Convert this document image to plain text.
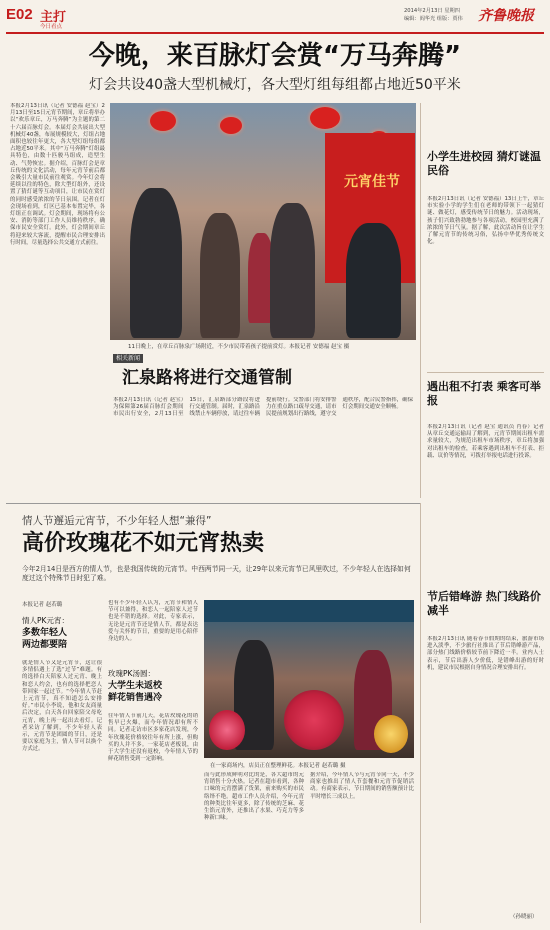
E02 主打
今日看点
2014年2月13日 星期四
编辑：阎华光 组版：贾伟 齐鲁晚报
今晚，来百脉灯会赏“万马奔腾”
灯会共设40盏大型机械灯，各大型灯组每组都占地近50平米
本报2月13日讯（记者 安德福 赵宝）2月13日至15日元宵节期间，章丘将举办以“欢乐章丘，万马奔腾”为主题的第二十六届百脉灯会。本届灯会共展出大型机械灯40盏，布展规模较大，灯组占地面积也较往年更大，各大型灯组每组都占地近50平米。其中“万马奔腾”灯组最具特色，由数十匹骏马组成，造型生动、气势恢宏。据介绍，百脉灯会是章丘传统的文化活动，每年元宵节前后都会吸引大量市民前往观赏。今年灯会将延续以往的特色，除大型灯组外，还设置了猜灯谜等互动项目，让市民在赏灯的同时感受浓浓的节日氛围。记者在灯会现场看到，灯区已基本布置完毕，各灯组正在调试。灯会期间，现场将有公安、消防等部门工作人员维持秩序，确保市民安全赏灯。此外，灯会期间章丘将迎来较大客流，提醒市民合理安排出行时间，尽量选择公共交通方式前往。
元宵佳节
11日晚上，在章丘百脉泉广场附近，不少市民带着孩子提前赏灯。本报记者 安德福 赵宝 摄
相关新闻
汇泉路将进行交通管制
本报2月13日讯（记者 赵宝）为保障第26届百脉灯会期间市民出行安全，2月13日至15日，汇泉路部分路段将进行交通管制。届时，汇泉路沿线禁止车辆停放，请过往车辆提前绕行。交警部门将安排警力在重点路口疏导交通，请市民提前规划出行路线，遵守交通秩序，配合民警指挥，确保灯会期间交通安全顺畅。
小学生进校园 猜灯谜温民俗
本报2月13日讯（记者 安德福）13日上午，章丘市实验小学的学生们在老师的带领下一起猜灯谜、做花灯，感受传统节日的魅力。活动现场，孩子们兴致勃勃地参与各项活动，校园里充满了浓浓的节日气氛。据了解，此次活动旨在让学生了解元宵节的传统习俗，弘扬中华优秀传统文化。
遇出租不打表 乘客可举报
本报2月13日讯（记者 赵宝 通讯员 肖春）记者从章丘交通运输局了解到，元宵节期间出租车需求量较大，为规范出租车市场秩序，章丘将加强对出租车的检查，若乘客遇到出租车不打表、拒载、议价等情况，可拨打举报电话进行投诉。
情人节邂逅元宵节，不少年轻人想“兼得”
高价玫瑰花不如元宵热卖
今年2月14日是西方的情人节，也是我国传统的元宵节。中西两节同一天，让29年以来元宵节已风里吹过，不少年轻人在选择如何度过这个特殊节日时犯了难。
本报记者 赵若璐
情人PK元宵：
多数年轻人
两边都要陪
就是情人节又是元宵节，这让很多情侣遇上了选“过节”难题。有的选择白天陪家人过元宵、晚上和恋人约会，也有的选择把恋人带回家一起过节。“今年情人节赶上元宵节，真不知道怎么安排好。”市民小李说，他和女友商量后决定，白天各自回家陪父母吃元宵，晚上再一起出去看灯。记者采访了解到，不少年轻人表示，元宵节是团圆的节日，还是要以家庭为主，情人节可以换个方式过。
也有不少年轻人认为，元宵节和情人节可以兼得，和恋人一起陪家人过节也是不错的选择。对此，专家表示，无论是元宵节还是情人节，都是表达爱与关怀的节日，重要的是用心陪伴身边的人。
玫瑰PK汤圆：
大学生未返校
鲜花销售遇冷
往年情人节前几天，花店玫瑰花的销售早已火爆，而今年情况却有所不同。记者走访市区多家花店发现，今年玫瑰花价格较往年有所上涨，但购买的人并不多。一家花店老板说，由于大学生还没有返校，今年情人节的鲜花销售受到一定影响。
在一家商场内，店员正在整理鲜花。本报记者 赵若璐 摄
而与此形成鲜明对比的是，各大超市的元宵销售十分火热。记者在超市看到，各种口味的元宵摆满了货架，前来购买的市民络绎不绝。超市工作人员介绍，今年元宵的种类比往年更多，除了传统的芝麻、花生馅元宵外，还推出了水果、巧克力等多种新口味。
据介绍，今年情人节与元宵节同一天，不少商家也推出了情人节套餐和元宵节促销活动。有商家表示，节日期间的销售额预计比平时增长三成以上。
节后错峰游 热门线路价减半
本报2月13日讯 随着春节假期的结束，旅游市场进入淡季，不少旅行社推出了节后错峰游产品，部分热门线路价格较节前下降近一半。业内人士表示，节后出游人少价低，是错峰出游的好时机，建议市民根据自身情况合理安排出行。
（孙晓丽）
